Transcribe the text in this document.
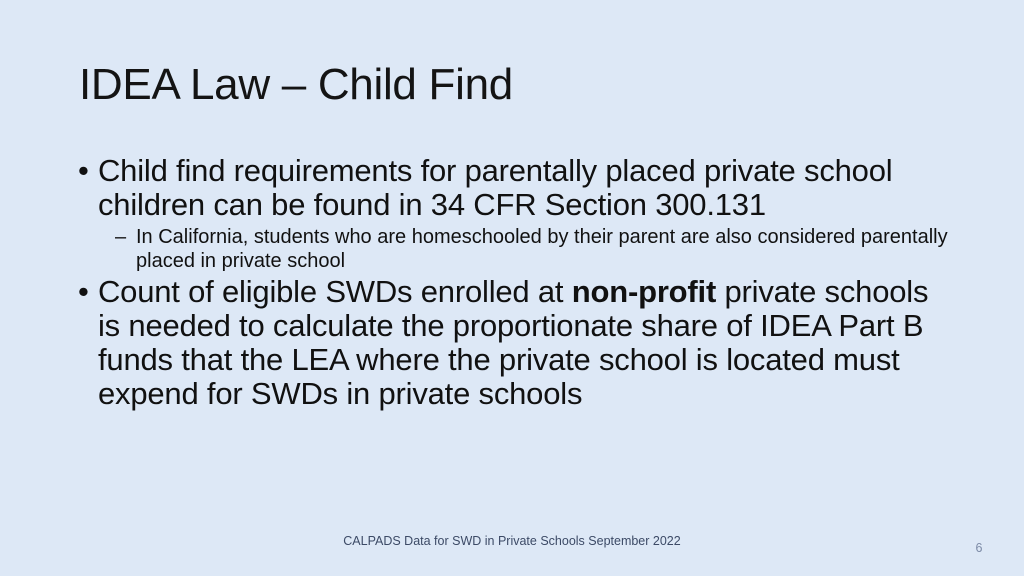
IDEA Law – Child Find
• Child find requirements for parentally placed private school children can be found in 34 CFR Section 300.131
– In California, students who are homeschooled by their parent are also considered parentally placed in private school
• Count of eligible SWDs enrolled at non-profit private schools is needed to calculate the proportionate share of IDEA Part B funds that the LEA where the private school is located must expend for SWDs in private schools
CALPADS Data for SWD in Private Schools September 2022	6
